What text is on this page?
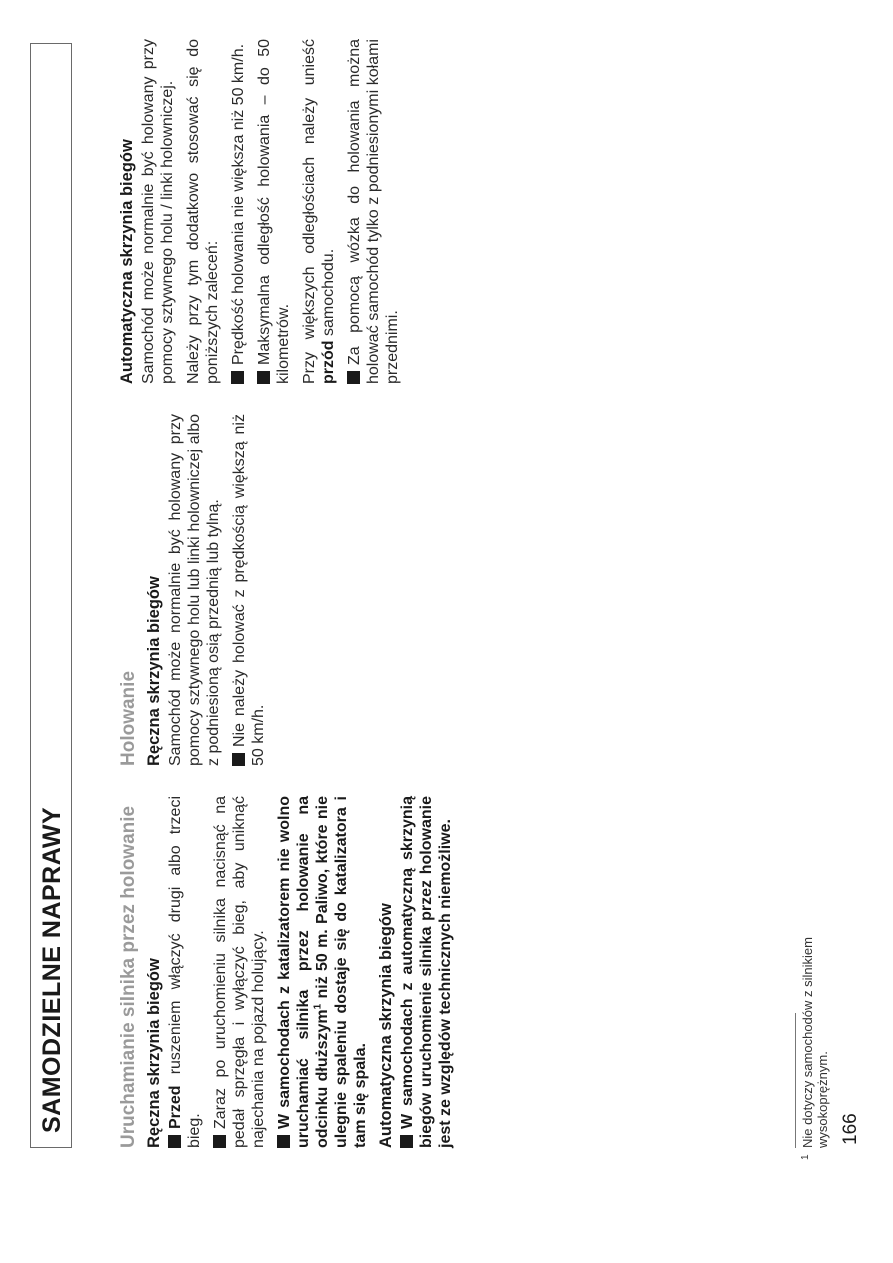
SAMODZIELNE NAPRAWY	Uruchamianie silnika przez holowanie Ręczna skrzynia biegów Przed ruszeniem włączyć drugi albo trzeci bieg.

Zaraz po uruchomieniu silnika nacisnąć na pedał sprzęgła i wyłączyć bieg, aby uniknąć najechania na pojazd holujący. W samochodach z katalizatorem nie wolno uruchamiać silnika przez holowanie na odcinku dłuższym$^1$ niż 50 m. Paliwo, które nie ulegnie spaleniu dostaje się do katalizatora i tam się spala. Automatyczna skrzynia biegów W samochodach z automatyczną skrzynią biegów uruchomienie silnika przez holowanie jest ze względów technicznych niemożliwe.

Holowanie Ręczna skrzynia biegów Samochód może normalnie być holowany przy pomocy sztywnego holu lub linki holowniczej albo z podniesioną osią przednią lub tylną. Nie należy holować z prędkością większą niż 50 km/h.

Automatyczna skrzynia biegów Samochód może normalnie być holowany przy pomocy sztywnego holu / linki holowniczej. Należy przy tym dodatkowo stosować się do poniższych zaleceń: Prędkość holowania nie większa niż 50 km/h. Maksymalna odległość holowania – do 50 kilometrów. Przy większych odległościach należy unieść przód samochodu. Za pomocą wózka do holowania można holować samochód tylko z podniesionymi kołami przednimi.

1
Nie dotyczy samochodów z silnikiem wysokoprężnym. 166
